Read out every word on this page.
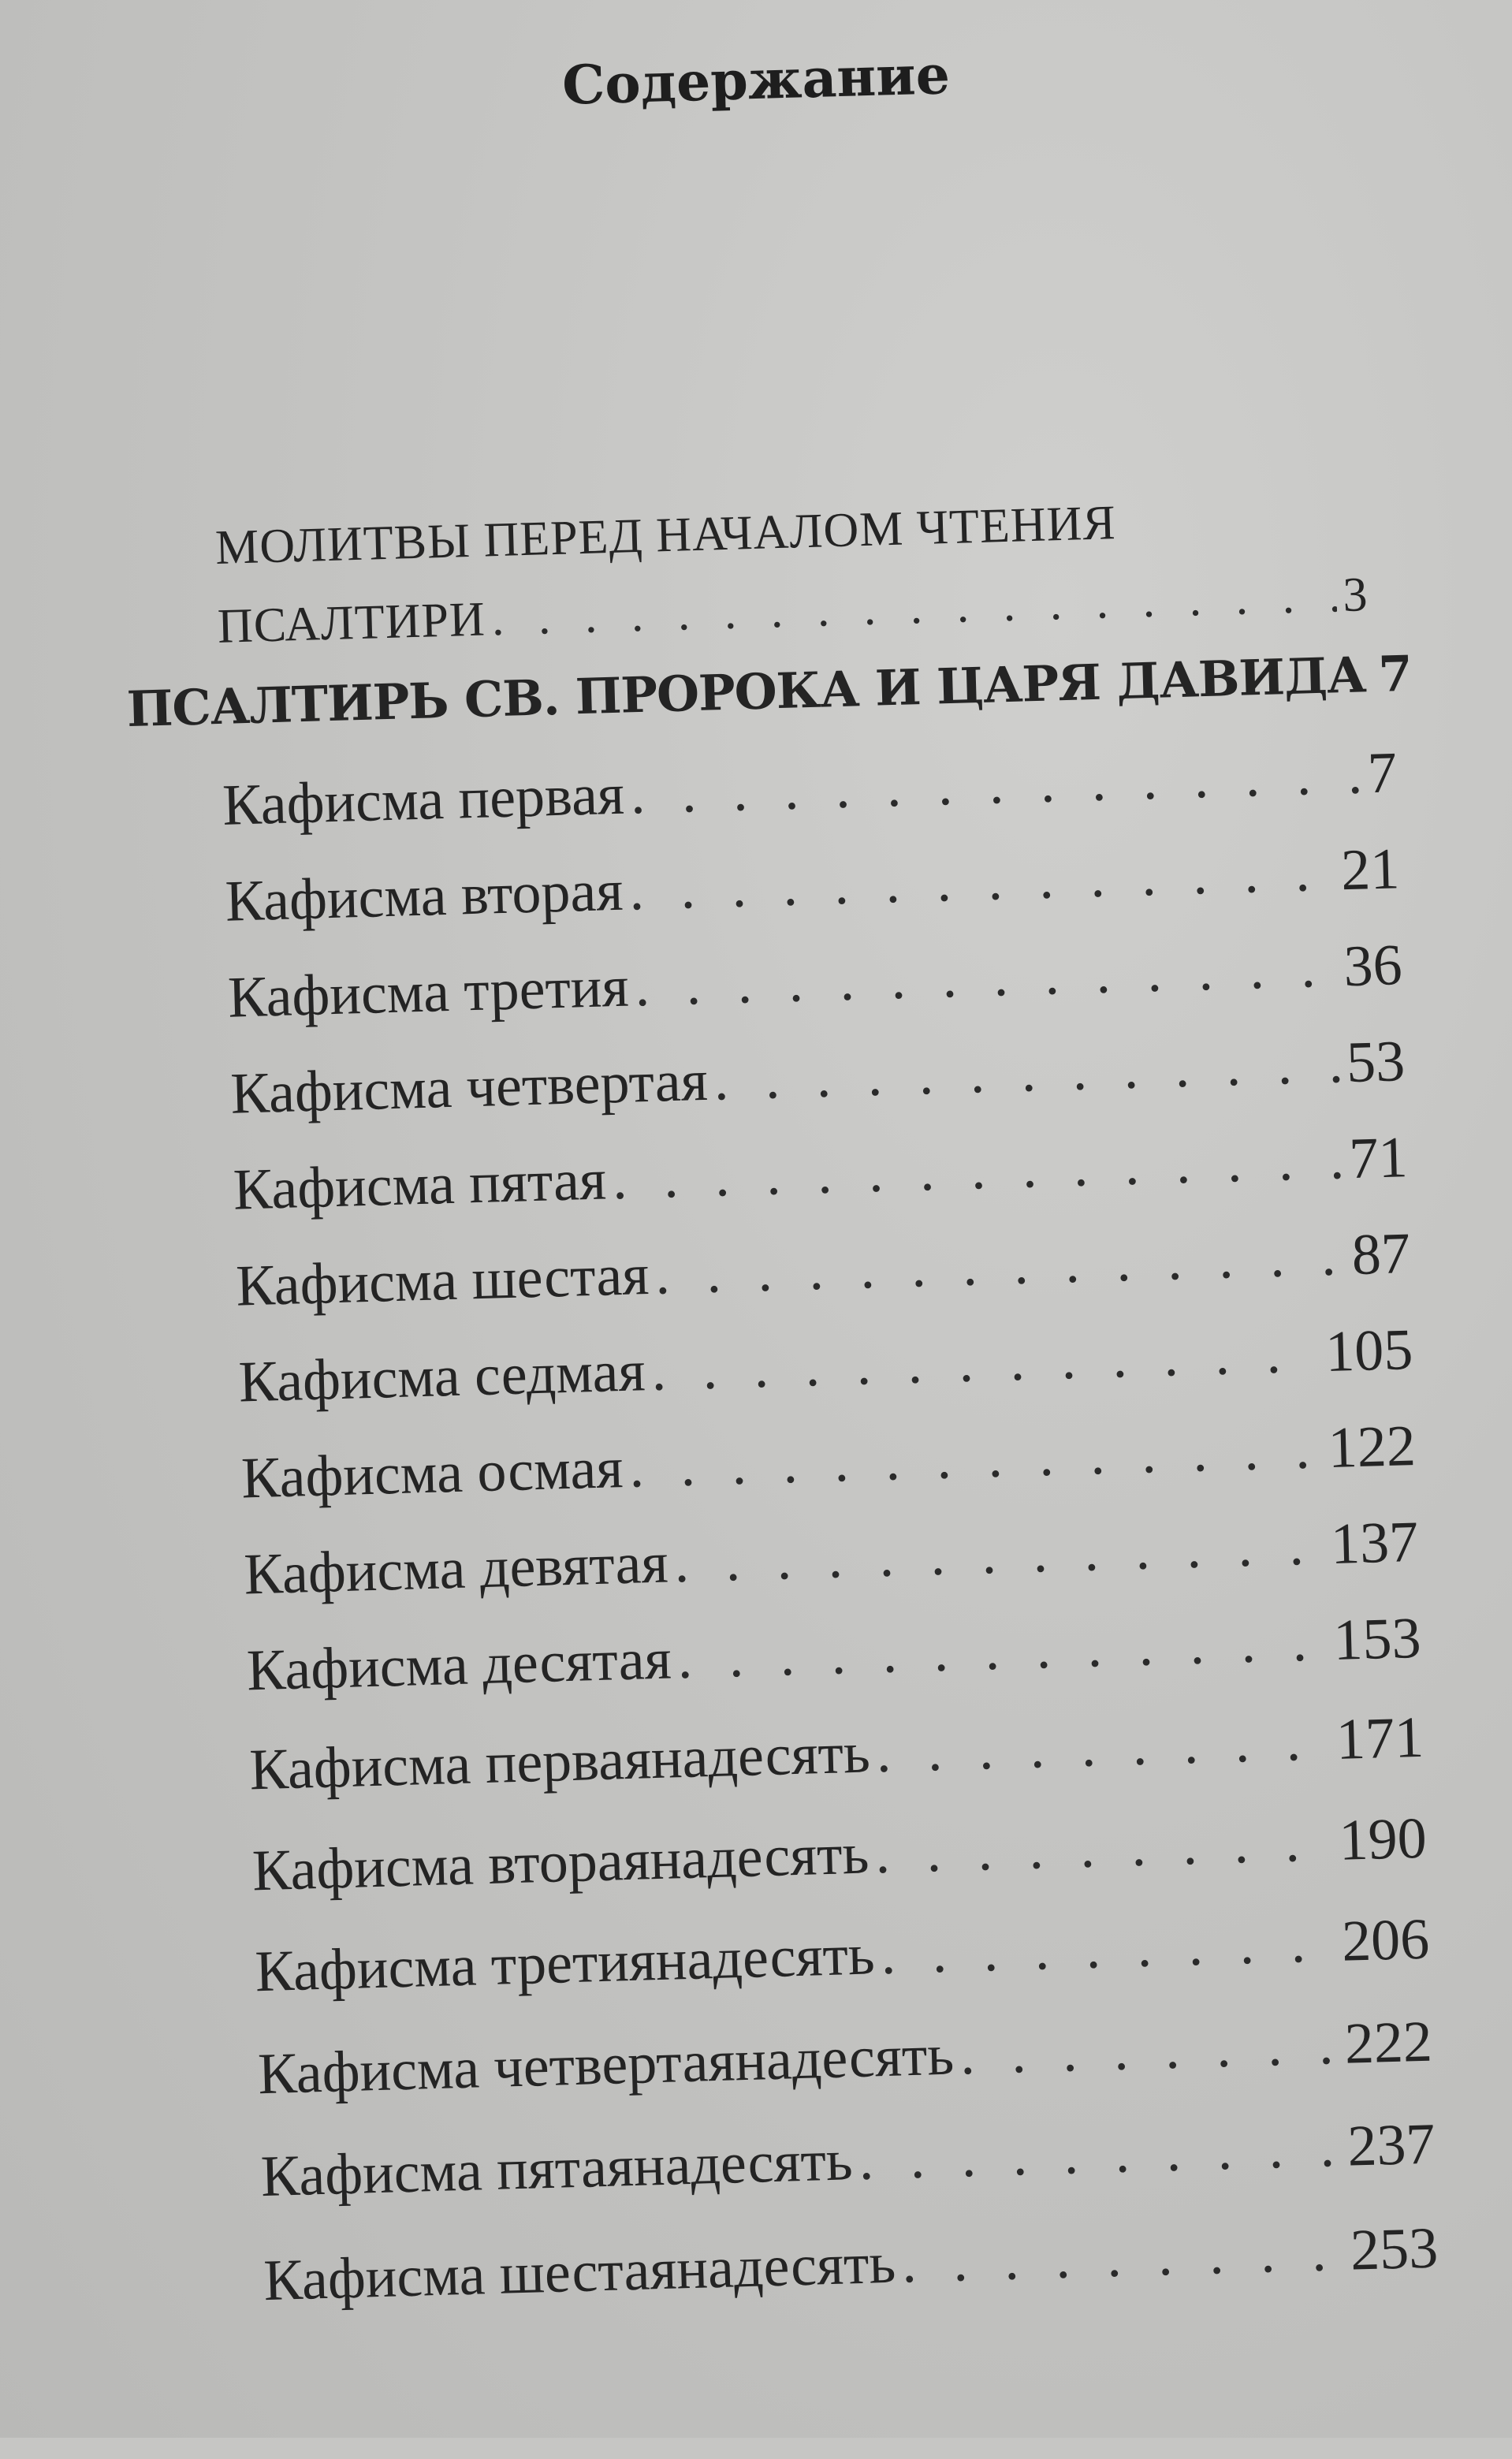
Содержание
МОЛИТВЫ ПЕРЕД НАЧАЛОМ ЧТЕНИЯ
ПСАЛТИРИ . . .	3
ПСАЛТИРЬ СВ. ПРОРОКА И ЦАРЯ ДАВИДА . . . 7
Кафисма первая . . .	7
Кафисма вторая . . .	21
Кафисма третия . . .	36
Кафисма четвертая . . .	53
Кафисма пятая . . .	71
Кафисма шестая . . .	87
Кафисма седмая . . .	105
Кафисма осмая . . .	122
Кафисма девятая . . .	137
Кафисма десятая . . .	153
Кафисма перваянадесять . . .	171
Кафисма втораянадесять . . .	190
Кафисма третиянадесять . . .	206
Кафисма четвертаянадесять . . .	222
Кафисма пятаянадесять . . .	237
Кафисма шестаянадесять . . .	253
